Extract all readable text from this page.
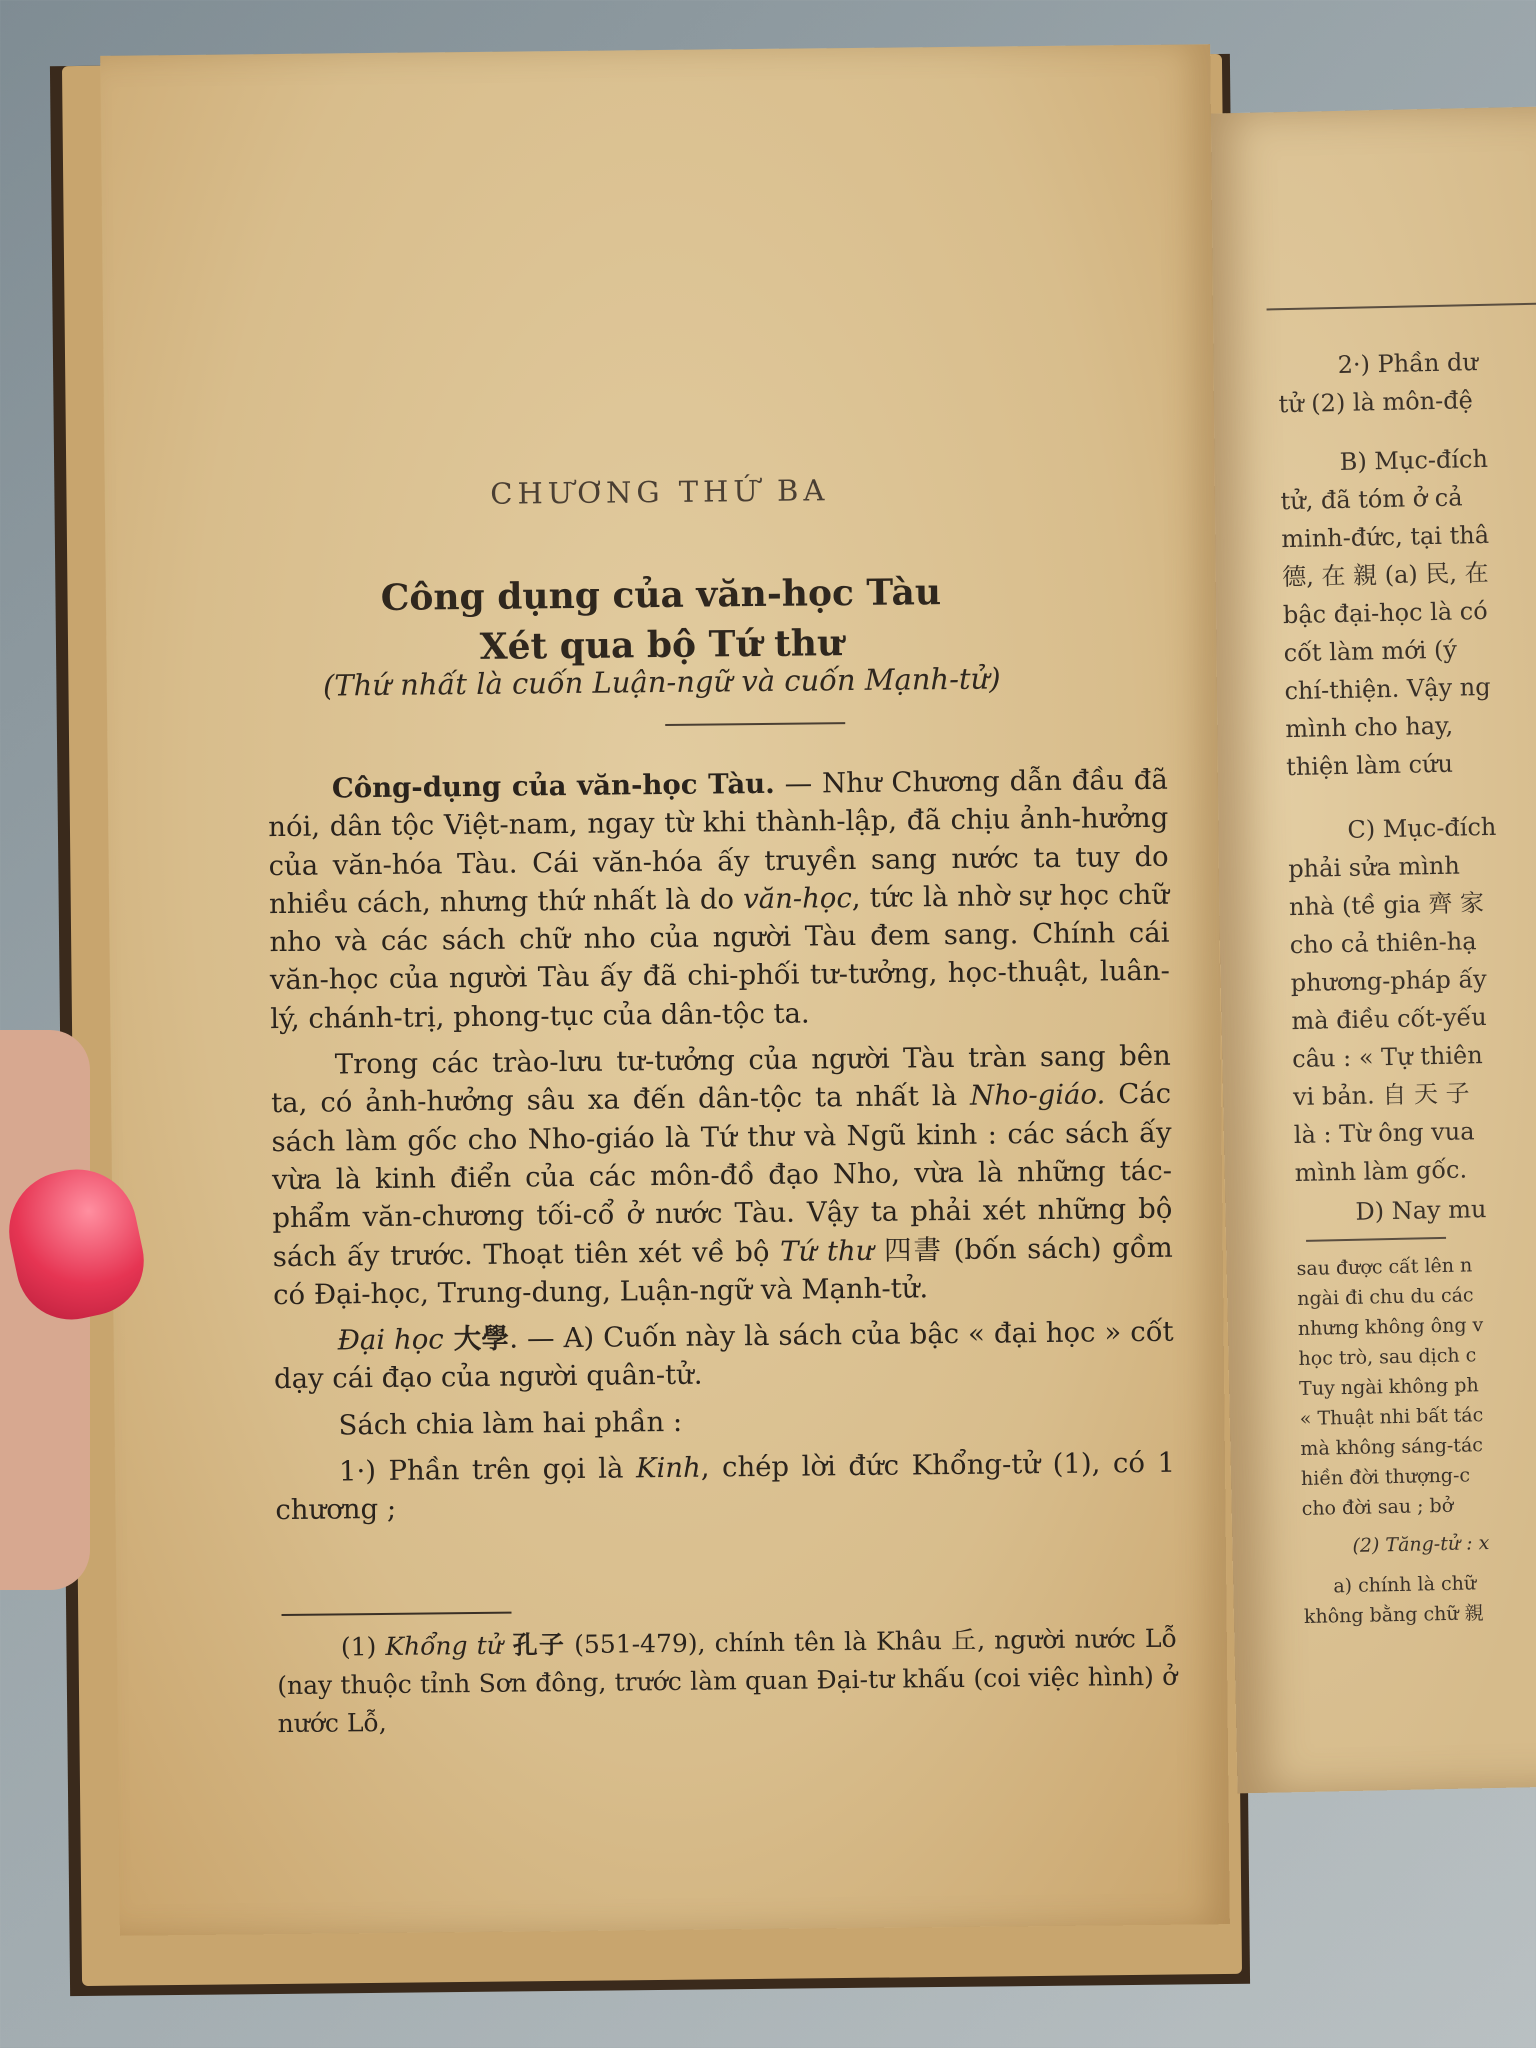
2·) Phần dư
tử (2) là môn-đệ
B) Mục-đích
tử, đã tóm ở cả
minh-đức, tại thâ
德, 在 親 (a) 民, 在
bậc đại-học là có
cốt làm mới (ý
chí-thiện. Vậy ng
mình cho hay,
thiện làm cứu
C) Mục-đích
phải sửa mình
nhà (tề gia 齊 家
cho cả thiên-hạ
phương-pháp ấy
mà điều cốt-yếu
câu : « Tự thiên
vi bản. 自 天 子
là : Từ ông vua
mình làm gốc.
D) Nay mu
sau được cất lên n
ngài đi chu du các
nhưng không ông v
học trò, sau dịch c
Tuy ngài không ph
« Thuật nhi bất tác
mà không sáng-tác
hiền đời thượng-c
cho đời sau ; bở
(2) Tăng-tử : x
a) chính là chữ
không bằng chữ 親
CHƯƠNG THỨ BA
Công dụng của văn-học Tàu
Xét qua bộ Tứ thư
(Thứ nhất là cuốn Luận-ngữ và cuốn Mạnh-tử)

Công-dụng của văn-học Tàu. — Như Chương dẫn đầu đã nói, dân tộc Việt-nam, ngay từ khi thành-lập, đã chịu ảnh-hưởng của văn-hóa Tàu. Cái văn-hóa ấy truyền sang nước ta tuy do nhiều cách, nhưng thứ nhất là do văn-học, tức là nhờ sự học chữ nho và các sách chữ nho của người Tàu đem sang. Chính cái văn-học của người Tàu ấy đã chi-phối tư-tưởng, học-thuật, luân-lý, chánh-trị, phong-tục của dân-tộc ta.

Trong các trào-lưu tư-tưởng của người Tàu tràn sang bên ta, có ảnh-hưởng sâu xa đến dân-tộc ta nhất là Nho-giáo. Các sách làm gốc cho Nho-giáo là Tứ thư và Ngũ kinh : các sách ấy vừa là kinh điển của các môn-đồ đạo Nho, vừa là những tác-phẩm văn-chương tối-cổ ở nước Tàu. Vậy ta phải xét những bộ sách ấy trước. Thoạt tiên xét về bộ Tứ thư 四書 (bốn sách) gồm có Đại-học, Trung-dung, Luận-ngữ và Mạnh-tử.

Đại học 大學. — A) Cuốn này là sách của bậc « đại học » cốt dạy cái đạo của người quân-tử.

Sách chia làm hai phần :

1·) Phần trên gọi là Kinh, chép lời đức Khổng-tử (1), có 1 chương ;

(1) Khổng tử 孔子 (551-479), chính tên là Khâu 丘, người nước Lỗ (nay thuộc tỉnh Sơn đông, trước làm quan Đại-tư khấu (coi việc hình) ở nước Lỗ,
